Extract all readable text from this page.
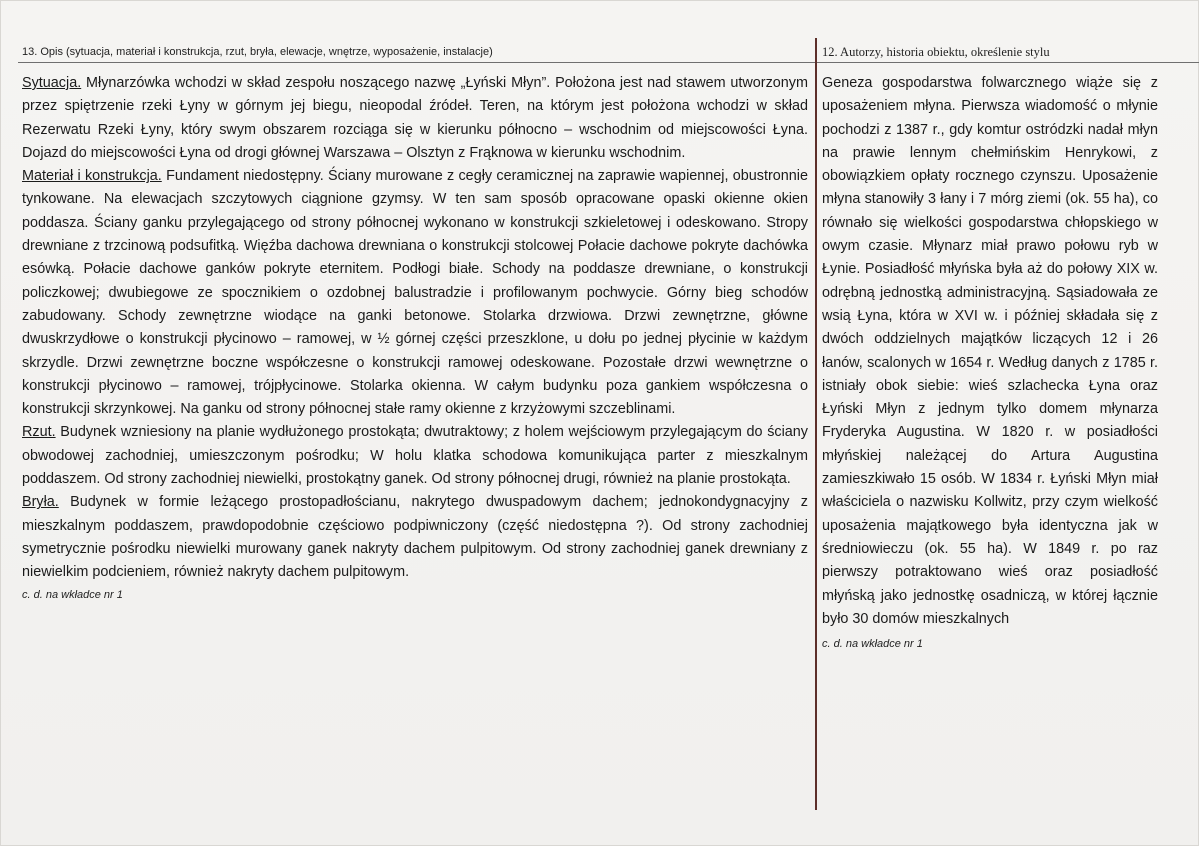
13. Opis (sytuacja, materiał i konstrukcja, rzut, bryła, elewacje, wnętrze, wyposażenie, instalacje)	12. Autorzy, historia obiektu, określenie stylu

Sytuacja. Młynarzówka wchodzi w skład zespołu noszącego nazwę „Łyński Młyn”. Położona jest nad stawem utworzonym przez spiętrzenie rzeki Łyny w górnym jej biegu, nieopodal źródeł. Teren, na którym jest położona wchodzi w skład Rezerwatu Rzeki Łyny, który swym obszarem rozciąga się w kierunku północno – wschodnim od miejscowości Łyna. Dojazd do miejscowości Łyna od drogi głównej Warszawa – Olsztyn z Frąknowa w kierunku wschodnim.

Materiał i konstrukcja. Fundament niedostępny. Ściany murowane z cegły ceramicznej na zaprawie wapiennej, obustronnie tynkowane. Na elewacjach szczytowych ciągnione gzymsy. W ten sam sposób opracowane opaski okienne okien poddasza. Ściany ganku przylegającego od strony północnej wykonano w konstrukcji szkieletowej i odeskowano. Stropy drewniane z trzcinową podsufitką. Więźba dachowa drewniana o konstrukcji stolcowej Połacie dachowe pokryte dachówka esówką. Połacie dachowe ganków pokryte eternitem. Podłogi białe. Schody na poddasze drewniane, o konstrukcji policzkowej; dwubiegowe ze spocznikiem o ozdobnej balustradzie i profilowanym pochwycie. Górny bieg schodów zabudowany. Schody zewnętrzne wiodące na ganki betonowe. Stolarka drzwiowa. Drzwi zewnętrzne, główne dwuskrzydłowe o konstrukcji płycinowo – ramowej, w ½ górnej części przeszklone, u dołu po jednej płycinie w każdym skrzydle. Drzwi zewnętrzne boczne współczesne o konstrukcji ramowej odeskowane. Pozostałe drzwi wewnętrzne o konstrukcji płycinowo – ramowej, trójpłycinowe. Stolarka okienna. W całym budynku poza gankiem współczesna o konstrukcji skrzynkowej. Na ganku od strony północnej stałe ramy okienne z krzyżowymi szczeblinami.

Rzut. Budynek wzniesiony na planie wydłużonego prostokąta; dwutraktowy; z holem wejściowym przylegającym do ściany obwodowej zachodniej, umieszczonym pośrodku; W holu klatka schodowa komunikująca parter z mieszkalnym poddaszem. Od strony zachodniej niewielki, prostokątny ganek. Od strony północnej drugi, również na planie prostokąta.

Bryła. Budynek w formie leżącego prostopadłościanu, nakrytego dwuspadowym dachem; jednokondygnacyjny z mieszkalnym poddaszem, prawdopodobnie częściowo podpiwniczony (część niedostępna ?). Od strony zachodniej symetrycznie pośrodku niewielki murowany ganek nakryty dachem pulpitowym. Od strony zachodniej ganek drewniany z niewielkim podcieniem, również nakryty dachem pulpitowym.

c. d. na wkładce nr 1

Geneza gospodarstwa folwarcznego wiąże się z uposażeniem młyna. Pierwsza wiadomość o młynie pochodzi z 1387 r., gdy komtur ostródzki nadał młyn na prawie lennym chełmińskim Henrykowi, z obowiązkiem opłaty rocznego czynszu. Uposażenie młyna stanowiły 3 łany i 7 mórg ziemi (ok. 55 ha), co równało się wielkości gospodarstwa chłopskiego w owym czasie. Młynarz miał prawo połowu ryb w Łynie. Posiadłość młyńska była aż do połowy XIX w. odrębną jednostką administracyjną. Sąsiadowała ze wsią Łyna, która w XVI w. i później składała się z dwóch oddzielnych majątków liczących 12 i 26 łanów, scalonych w 1654 r. Według danych z 1785 r. istniały obok siebie: wieś szlachecka Łyna oraz Łyński Młyn z jednym tylko domem młynarza Fryderyka Augustina. W 1820 r. w posiadłości młyńskiej należącej do Artura Augustina zamieszkiwało 15 osób. W 1834 r. Łyński Młyn miał właściciela o nazwisku Kollwitz, przy czym wielkość uposażenia majątkowego była identyczna jak w średniowieczu (ok. 55 ha). W 1849 r. po raz pierwszy potraktowano wieś oraz posiadłość młyńską jako jednostkę osadniczą, w której łącznie było 30 domów mieszkalnych

c. d. na wkładce nr 1
